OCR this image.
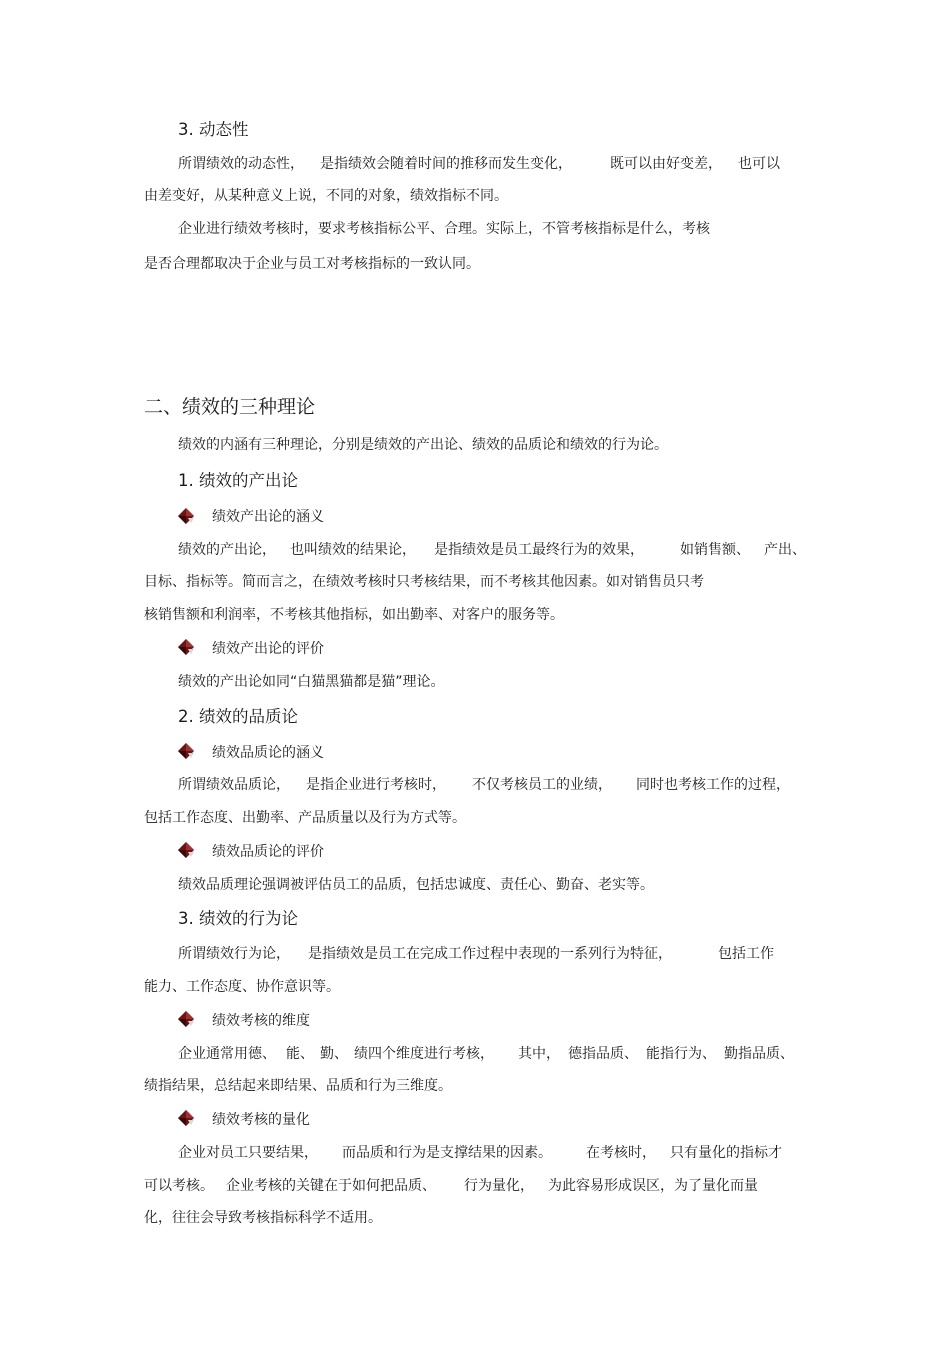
3. 动态性
所谓绩效的动态性， 是指绩效会随着时间的推移而发生变化，	既可以由好变差， 也可以
由差变好，从某种意义上说，不同的对象，绩效指标不同。
企业进行绩效考核时，要求考核指标公平、合理。实际上，不管考核指标是什么，考核
是否合理都取决于企业与员工对考核指标的一致认同。
二、绩效的三种理论
绩效的内涵有三种理论，分别是绩效的产出论、绩效的品质论和绩效的行为论。
1. 绩效的产出论
绩效产出论的涵义
绩效的产出论， 也叫绩效的结果论， 是指绩效是员工最终行为的效果，	如销售额、 产出、
目标、指标等。简而言之，在绩效考核时只考核结果，而不考核其他因素。如对销售员只考
核销售额和利润率，不考核其他指标，如出勤率、对客户的服务等。
绩效产出论的评价
绩效的产出论如同“白猫黑猫都是猫”理论。
2. 绩效的品质论
绩效品质论的涵义
所谓绩效品质论， 是指企业进行考核时， 不仅考核员工的业绩， 同时也考核工作的过程，
包括工作态度、出勤率、产品质量以及行为方式等。
绩效品质论的评价
绩效品质理论强调被评估员工的品质，包括忠诚度、责任心、勤奋、老实等。
3. 绩效的行为论
所谓绩效行为论， 是指绩效是员工在完成工作过程中表现的一系列行为特征，	包括工作
能力、工作态度、协作意识等。
绩效考核的维度
企业通常用德、 能、 勤、 绩四个维度进行考核， 其中， 德指品质、 能指行为、 勤指品质、
绩指结果，总结起来即结果、品质和行为三维度。
绩效考核的量化
企业对员工只要结果， 而品质和行为是支撑结果的因素。 在考核时， 只有量化的指标才
可以考核。 企业考核的关键在于如何把品质、 行为量化， 为此容易形成误区，为了量化而量
化，往往会导致考核指标科学不适用。
